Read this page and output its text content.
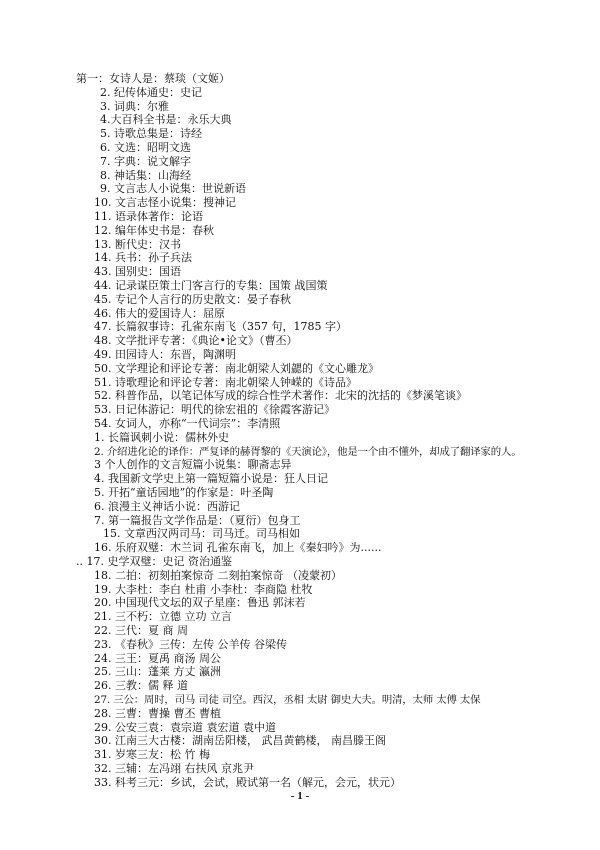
第一：女诗人是：蔡琰（文姬）
2. 纪传体通史：史记
3. 词典：尔雅
4.大百科全书是：永乐大典
5. 诗歌总集是：诗经
6. 文选：昭明文选
7. 字典：说文解字
8. 神话集：山海经
9. 文言志人小说集：世说新语
10. 文言志怪小说集：搜神记
11. 语录体著作：论语
12. 编年体史书是：春秋
13. 断代史：汉书
14. 兵书：孙子兵法
43. 国别史：国语
44. 记录谋臣策士门客言行的专集：国策 战国策
45. 专记个人言行的历史散文：晏子春秋
46. 伟大的爱国诗人：屈原
47. 长篇叙事诗：孔雀东南飞（357 句，1785 字）
48. 文学批评专著：《典论•论文》（曹丕）
49. 田园诗人：东晋，陶渊明
50. 文学理论和评论专著：南北朝梁人刘勰的《文心雕龙》
51. 诗歌理论和评论专著：南北朝梁人钟嵘的《诗品》
52. 科普作品，以笔记体写成的综合性学术著作：北宋的沈括的《梦溪笔谈》
53. 日记体游记：明代的徐宏祖的《徐霞客游记》
54. 女词人，亦称“一代词宗”：李清照
1. 长篇讽刺小说：儒林外史
2. 介绍进化论的译作：严复译的赫胥黎的《天演论》，他是一个由不懂外，却成了翻译家的人。
3 个人创作的文言短篇小说集：聊斋志异
4. 我国新文学史上第一篇短篇小说是：狂人日记
5. 开拓“童话园地”的作家是：叶圣陶
6. 浪漫主义神话小说：西游记
7. 第一篇报告文学作品是：（夏衍）包身工
15. 文章西汉两司马：司马迁。司马相如
16. 乐府双璧：木兰词 孔雀东南飞，加上《秦妇吟》为......
.. 17. 史学双璧：史记 资治通鉴
18. 二拍：初刻拍案惊奇 二刻拍案惊奇 （凌蒙初）
19. 大李杜：李白 杜甫 小李杜：李商隐 杜牧
20. 中国现代文坛的双子星座：鲁迅 郭沫若
21. 三不朽：立德 立功 立言
22. 三代：夏 商 周
23. 《春秋》三传：左传 公羊传 谷梁传
24. 三王：夏禹 商汤 周公
25. 三山：蓬莱 方丈 瀛洲
26. 三教：儒 释 道
27. 三公：周时，司马 司徒 司空。西汉，丞相 太尉 御史大夫。明清，太师 太傅 太保
28. 三曹：曹操 曹丕 曹植
29. 公安三袁：袁宗道 袁宏道 袁中道
30. 江南三大古楼：湖南岳阳楼， 武昌黄鹤楼， 南昌滕王阁
31. 岁寒三友：松 竹 梅
32. 三辅：左冯翊 右扶风 京兆尹
33. 科考三元：乡试，会试，殿试第一名（解元，会元，状元）
- 1 -
